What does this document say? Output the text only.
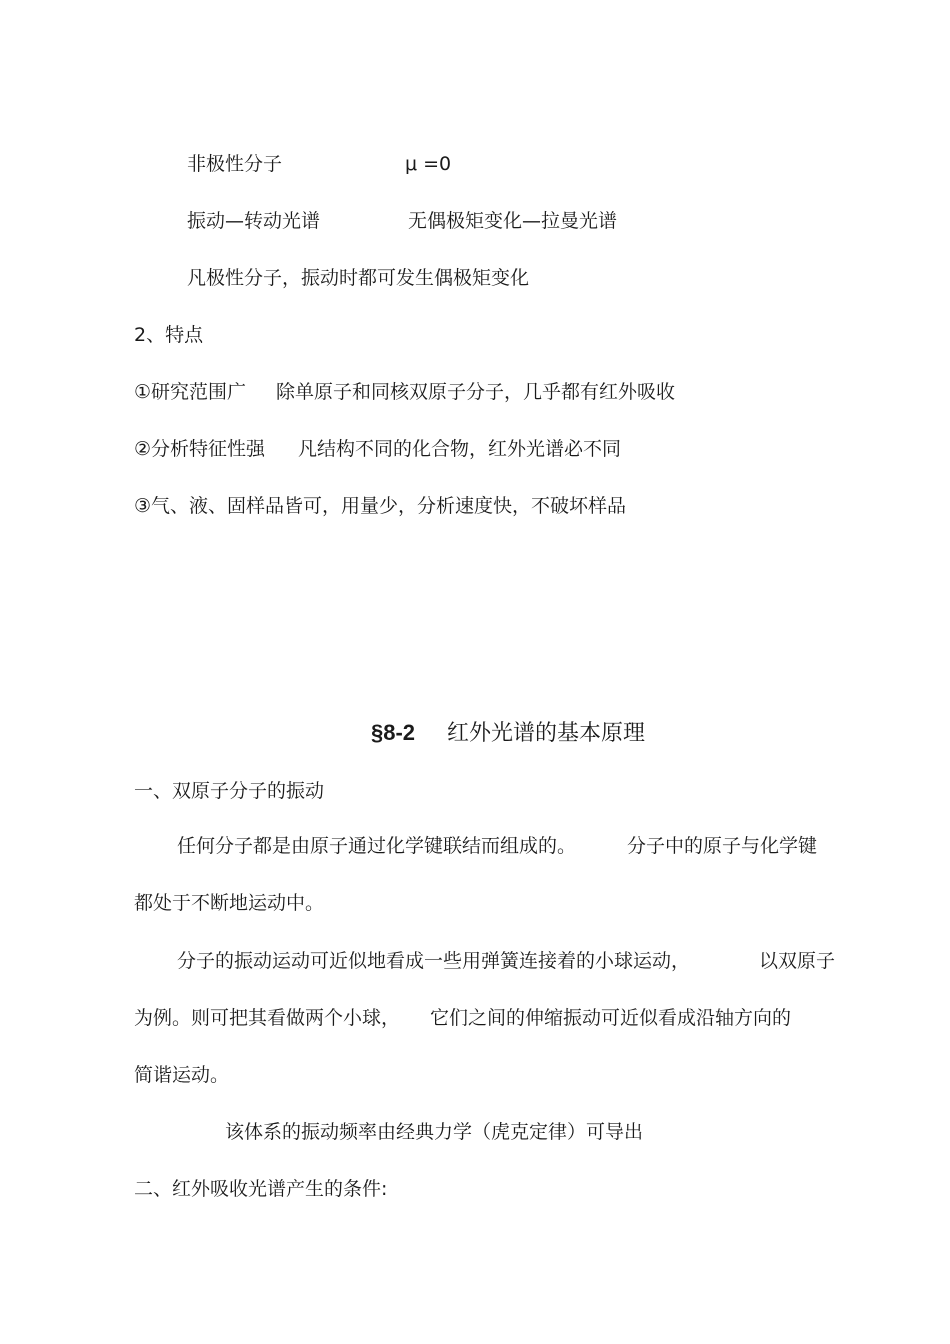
非极性分子	μ =0
振动—转动光谱	无偶极矩变化—拉曼光谱
凡极性分子，振动时都可发生偶极矩变化
2、特点
①研究范围广 除单原子和同核双原子分子，几乎都有红外吸收
②分析特征性强 凡结构不同的化合物，红外光谱必不同
③气、液、固样品皆可，用量少，分析速度快，不破坏样品
§8-2 红外光谱的基本原理
一、双原子分子的振动
任何分子都是由原子通过化学键联结而组成的。	分子中的原子与化学键
都处于不断地运动中。
分子的振动运动可近似地看成一些用弹簧连接着的小球运动，	以双原子
为例。则可把其看做两个小球， 它们之间的伸缩振动可近似看成沿轴方向的
简谐运动。
该体系的振动频率由经典力学（虎克定律）可导出
二、红外吸收光谱产生的条件:
